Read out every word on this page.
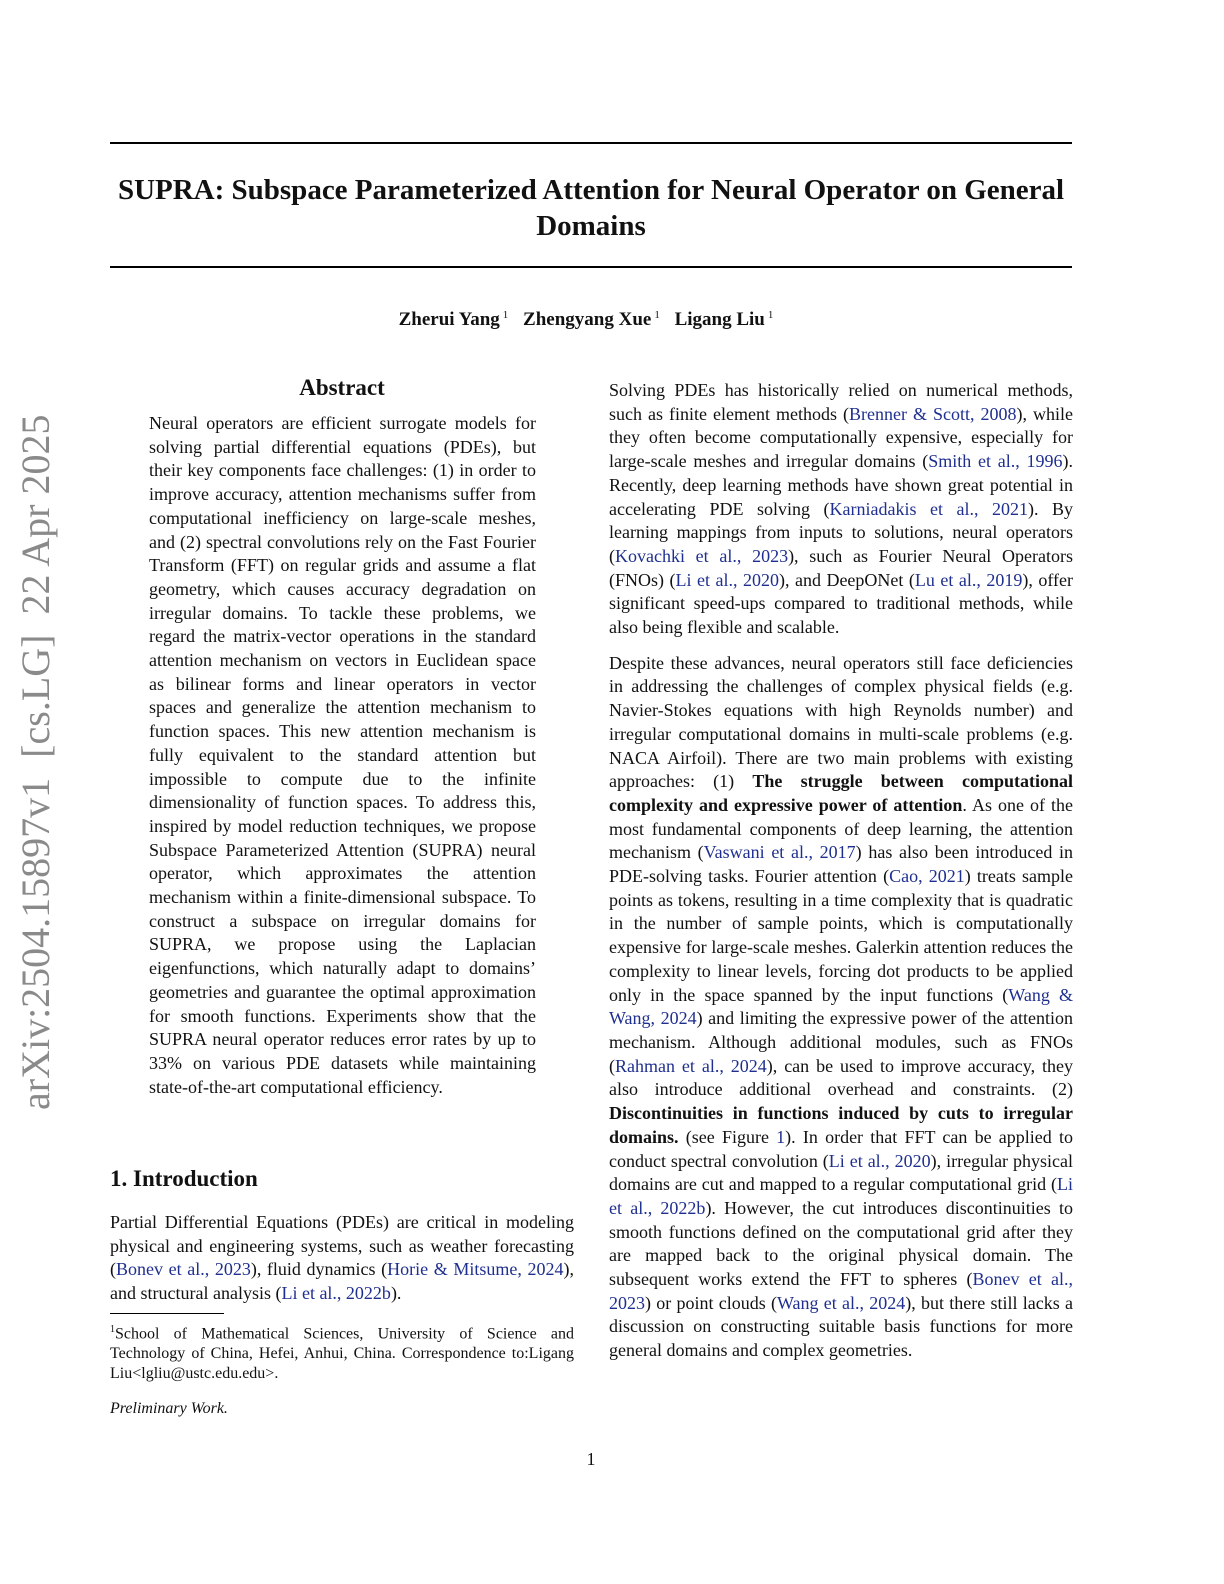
arXiv:2504.15897v1  [cs.LG]  22 Apr 2025
SUPRA: Subspace Parameterized Attention for Neural Operator on General Domains
Zherui Yang $^1$ Zhengyang Xue $^1$ Ligang Liu $^1$
Abstract

Neural operators are efficient surrogate models for solving partial differential equations (PDEs), but their key components face challenges: (1) in order to improve accuracy, attention mechanisms suffer from computational inefficiency on large-scale meshes, and (2) spectral convolutions rely on the Fast Fourier Transform (FFT) on regular grids and assume a flat geometry, which causes accuracy degradation on irregular domains. To tackle these problems, we regard the matrix-vector operations in the standard attention mechanism on vectors in Euclidean space as bilinear forms and linear operators in vector spaces and generalize the attention mechanism to function spaces. This new attention mechanism is fully equivalent to the standard attention but impossible to compute due to the infinite dimensionality of function spaces. To address this, inspired by model reduction techniques, we propose Subspace Parameterized Attention (SUPRA) neural operator, which approximates the attention mechanism within a finite-dimensional subspace. To construct a subspace on irregular domains for SUPRA, we propose using the Laplacian eigenfunctions, which naturally adapt to domains’ geometries and guarantee the optimal approximation for smooth functions. Experiments show that the SUPRA neural operator reduces error rates by up to 33% on various PDE datasets while maintaining state-of-the-art computational efficiency.

1. Introduction

Partial Differential Equations (PDEs) are critical in modeling physical and engineering systems, such as weather forecasting (Bonev et al., 2023), fluid dynamics (Horie & Mitsume, 2024), and structural analysis (Li et al., 2022b).

$^1$School of Mathematical Sciences, University of Science and Technology of China, Hefei, Anhui, China. Correspondence to:Ligang Liu<lgliu@ustc.edu.edu>.

Preliminary Work.

Solving PDEs has historically relied on numerical methods, such as finite element methods (Brenner & Scott, 2008), while they often become computationally expensive, especially for large-scale meshes and irregular domains (Smith et al., 1996). Recently, deep learning methods have shown great potential in accelerating PDE solving (Karniadakis et al., 2021). By learning mappings from inputs to solutions, neural operators (Kovachki et al., 2023), such as Fourier Neural Operators (FNOs) (Li et al., 2020), and DeepONet (Lu et al., 2019), offer significant speed-ups compared to traditional methods, while also being flexible and scalable.

Despite these advances, neural operators still face deficiencies in addressing the challenges of complex physical fields (e.g. Navier-Stokes equations with high Reynolds number) and irregular computational domains in multi-scale problems (e.g. NACA Airfoil). There are two main problems with existing approaches: (1) The struggle between computational complexity and expressive power of attention. As one of the most fundamental components of deep learning, the attention mechanism (Vaswani et al., 2017) has also been introduced in PDE-solving tasks. Fourier attention (Cao, 2021) treats sample points as tokens, resulting in a time complexity that is quadratic in the number of sample points, which is computationally expensive for large-scale meshes. Galerkin attention reduces the complexity to linear levels, forcing dot products to be applied only in the space spanned by the input functions (Wang & Wang, 2024) and limiting the expressive power of the attention mechanism. Although additional modules, such as FNOs (Rahman et al., 2024), can be used to improve accuracy, they also introduce additional overhead and constraints. (2) Discontinuities in functions induced by cuts to irregular domains. (see Figure 1). In order that FFT can be applied to conduct spectral convolution (Li et al., 2020), irregular physical domains are cut and mapped to a regular computational grid (Li et al., 2022b). However, the cut introduces discontinuities to smooth functions defined on the computational grid after they are mapped back to the original physical domain. The subsequent works extend the FFT to spheres (Bonev et al., 2023) or point clouds (Wang et al., 2024), but there still lacks a discussion on constructing suitable basis functions for more general domains and complex geometries.

1
